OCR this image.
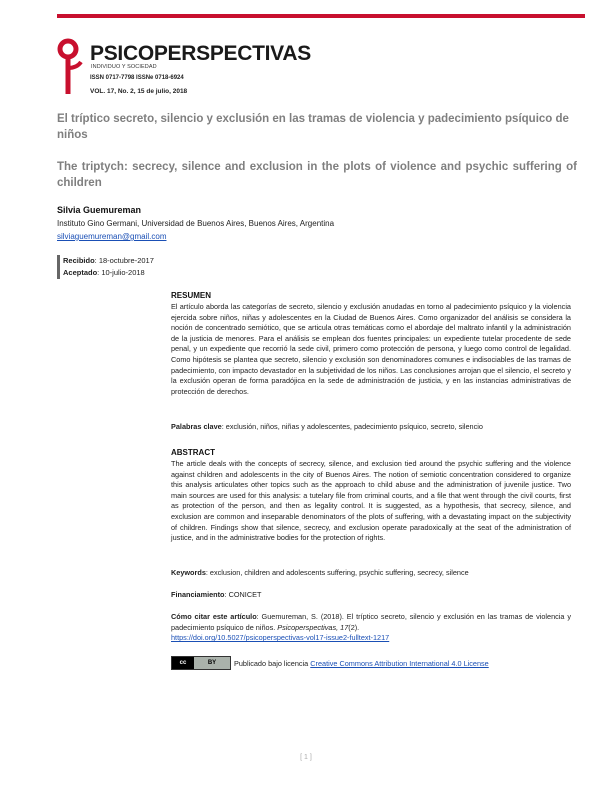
PSICOPERSPECTIVAS
INDIVIDUO Y SOCIEDAD
ISSN 0717-7798 ISSNe 0718-6924
VOL. 17, No. 2, 15 de julio, 2018
El tríptico secreto, silencio y exclusión en las tramas de violencia y padecimiento psíquico de niños
The triptych: secrecy, silence and exclusion in the plots of violence and psychic suffering of children
Silvia Guemureman
Instituto Gino Germani, Universidad de Buenos Aires, Buenos Aires, Argentina
silviaguemureman@gmail.com
Recibido: 18-octubre-2017
Aceptado: 10-julio-2018
RESUMEN
El artículo aborda las categorías de secreto, silencio y exclusión anudadas en torno al padecimiento psíquico y la violencia ejercida sobre niños, niñas y adolescentes en la Ciudad de Buenos Aires. Como organizador del análisis se considera la noción de concentrado semiótico, que se articula otras temáticas como el abordaje del maltrato infantil y la administración de la justicia de menores. Para el análisis se emplean dos fuentes principales: un expediente tutelar procedente de sede penal, y un expediente que recorrió la sede civil, primero como protección de persona, y luego como control de legalidad. Como hipótesis se plantea que secreto, silencio y exclusión son denominadores comunes e indisociables de las tramas de padecimiento, con impacto devastador en la subjetividad de los niños. Las conclusiones arrojan que el silencio, el secreto y la exclusión operan de forma paradójica en la sede de administración de justicia, y en las instancias administrativas de protección de derechos.
Palabras clave: exclusión, niños, niñas y adolescentes, padecimiento psíquico, secreto, silencio
ABSTRACT
The article deals with the concepts of secrecy, silence, and exclusion tied around the psychic suffering and the violence against children and adolescents in the city of Buenos Aires. The notion of semiotic concentration considered to organize this analysis articulates other topics such as the approach to child abuse and the administration of juvenile justice. Two main sources are used for this analysis: a tutelary file from criminal courts, and a file that went through the civil courts, first as protection of the person, and then as legality control. It is suggested, as a hypothesis, that secrecy, silence, and exclusion are common and inseparable denominators of the plots of suffering, with a devastating impact on the subjectivity of children. Findings show that silence, secrecy, and exclusion operate paradoxically at the seat of the administration of justice, and in the administrative bodies for the protection of rights.
Keywords: exclusion, children and adolescents suffering, psychic suffering, secrecy, silence
Financiamiento: CONICET
Cómo citar este artículo: Guemureman, S. (2018). El tríptico secreto, silencio y exclusión en las tramas de violencia y padecimiento psíquico de niños. Psicoperspectivas, 17(2).
https://doi.org/10.5027/psicoperspectivas-vol17-issue2-fulltext-1217
cc	BY	Publicado bajo licencia Creative Commons Attribution International 4.0 License
[ 1 ]
